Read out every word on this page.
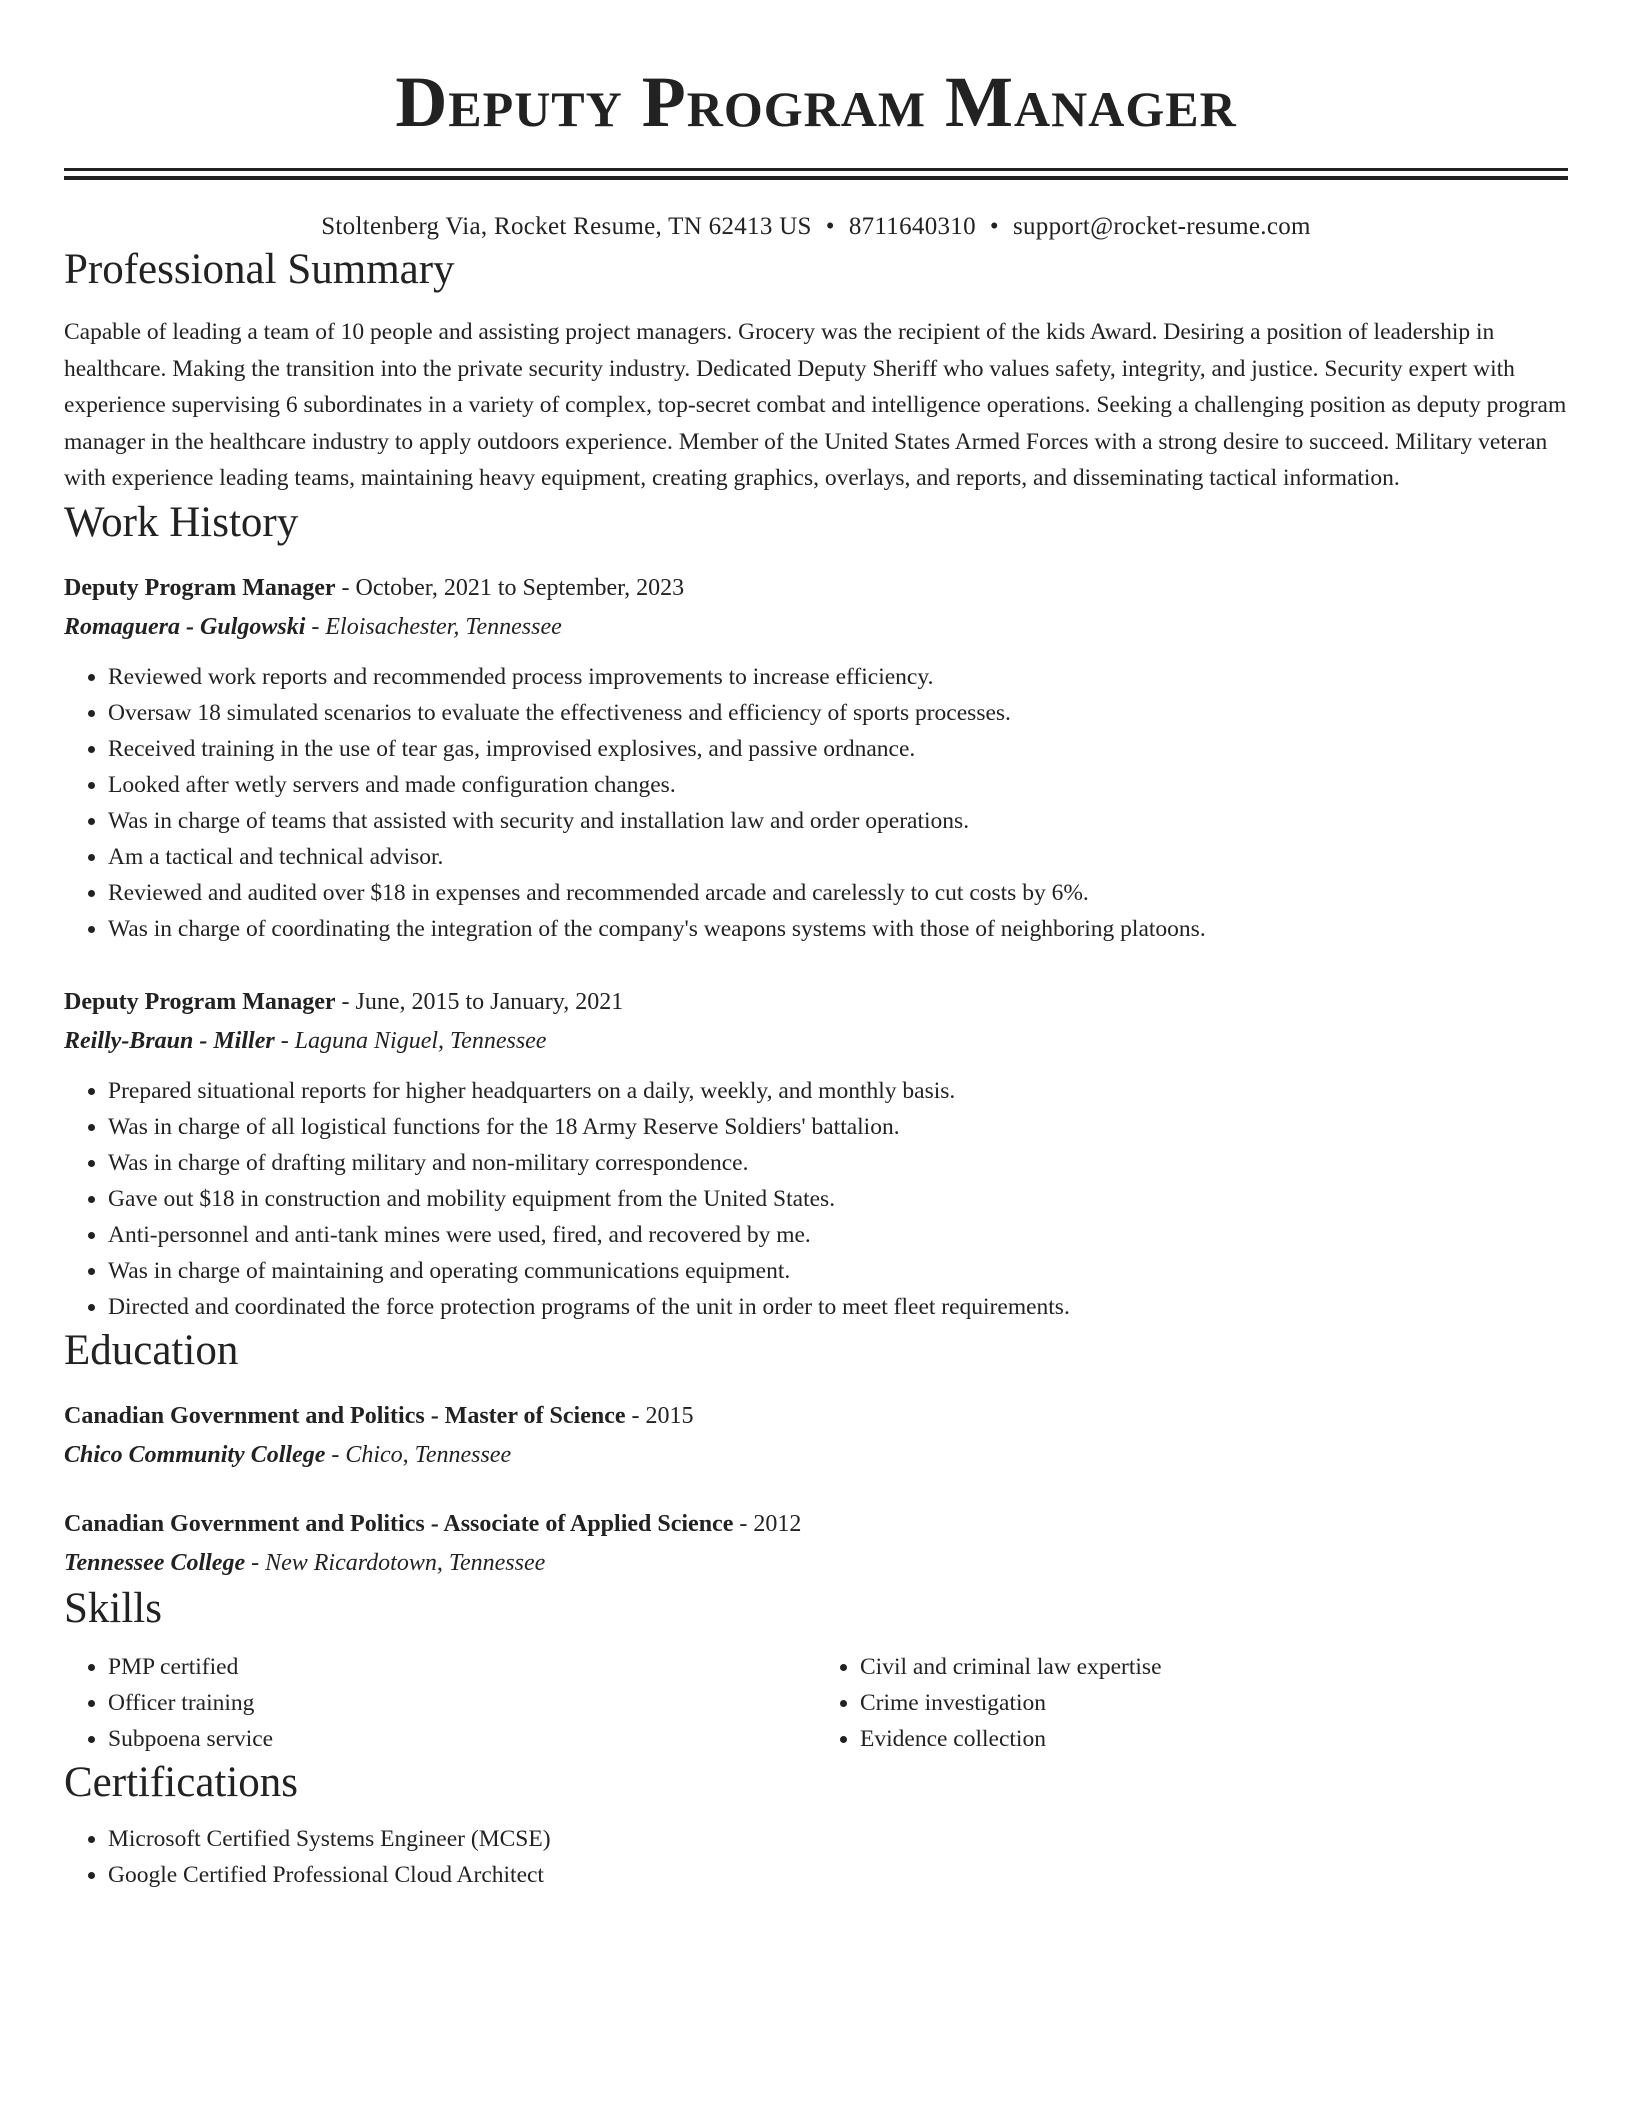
Deputy Program Manager
Stoltenberg Via, Rocket Resume, TN 62413 US • 8711640310 • support@rocket-resume.com
Professional Summary
Capable of leading a team of 10 people and assisting project managers. Grocery was the recipient of the kids Award. Desiring a position of leadership in healthcare. Making the transition into the private security industry. Dedicated Deputy Sheriff who values safety, integrity, and justice. Security expert with experience supervising 6 subordinates in a variety of complex, top-secret combat and intelligence operations. Seeking a challenging position as deputy program manager in the healthcare industry to apply outdoors experience. Member of the United States Armed Forces with a strong desire to succeed. Military veteran with experience leading teams, maintaining heavy equipment, creating graphics, overlays, and reports, and disseminating tactical information.
Work History
Deputy Program Manager - October, 2021 to September, 2023
Romaguera - Gulgowski - Eloisachester, Tennessee
• Reviewed work reports and recommended process improvements to increase efficiency.
• Oversaw 18 simulated scenarios to evaluate the effectiveness and efficiency of sports processes.
• Received training in the use of tear gas, improvised explosives, and passive ordnance.
• Looked after wetly servers and made configuration changes.
• Was in charge of teams that assisted with security and installation law and order operations.
• Am a tactical and technical advisor.
• Reviewed and audited over $18 in expenses and recommended arcade and carelessly to cut costs by 6%.
• Was in charge of coordinating the integration of the company's weapons systems with those of neighboring platoons.
Deputy Program Manager - June, 2015 to January, 2021
Reilly-Braun - Miller - Laguna Niguel, Tennessee
• Prepared situational reports for higher headquarters on a daily, weekly, and monthly basis.
• Was in charge of all logistical functions for the 18 Army Reserve Soldiers' battalion.
• Was in charge of drafting military and non-military correspondence.
• Gave out $18 in construction and mobility equipment from the United States.
• Anti-personnel and anti-tank mines were used, fired, and recovered by me.
• Was in charge of maintaining and operating communications equipment.
• Directed and coordinated the force protection programs of the unit in order to meet fleet requirements.
Education
Canadian Government and Politics - Master of Science - 2015
Chico Community College - Chico, Tennessee
Canadian Government and Politics - Associate of Applied Science - 2012
Tennessee College - New Ricardotown, Tennessee
Skills
• PMP certified
• Officer training
• Subpoena service
• Civil and criminal law expertise
• Crime investigation
• Evidence collection
Certifications
• Microsoft Certified Systems Engineer (MCSE)
• Google Certified Professional Cloud Architect
